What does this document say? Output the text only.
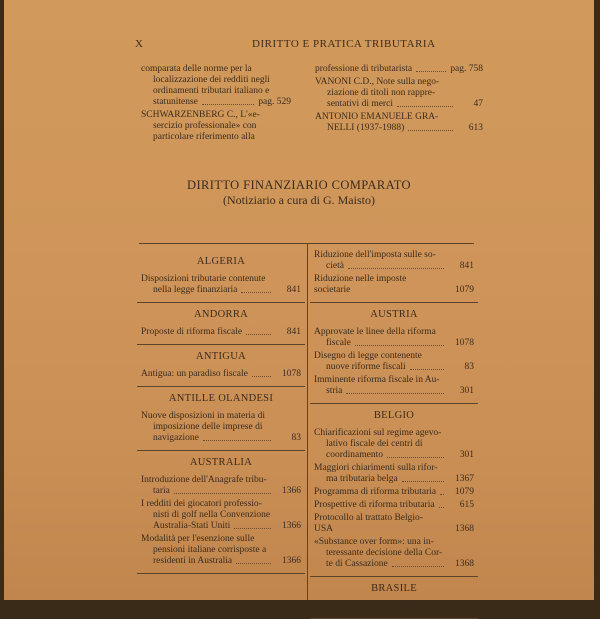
X	DIRITTO E PRATICA TRIBUTARIA
comparata delle norme per la
localizzazione dei redditi negli
ordinamenti tributari italiano e
statunitense	pag. 529
SCHWARZENBERG C., L'«e-
sercizio professionale» con
particolare riferimento alla
professione di tributarista	pag. 758
VANONI C.D., Note sulla nego-
ziazione di titoli non rappre-
sentativi di merci	47
ANTONIO EMANUELE GRA-
NELLI (1937-1988)	613
DIRITTO FINANZIARIO COMPARATO
(Notiziario a cura di G. Maisto)
ALGERIA
Disposizioni tributarie contenute
nella legge finanziaria	841
ANDORRA
Proposte di riforma fiscale	841
ANTIGUA
Antigua: un paradiso fiscale	1078
ANTILLE OLANDESI
Nuove disposizioni in materia di
imposizione delle imprese di
navigazione	83
AUSTRALIA
Introduzione dell'Anagrafe tribu-
taria	1366
I redditi dei giocatori professio-
nisti di golf nella Convenzione
Australia-Stati Uniti	1366
Modalità per l'esenzione sulle
pensioni italiane corrisposte a
residenti in Australia	1366
Riduzione dell'imposta sulle so-
cietà	841
Riduzione nelle imposte societarie	1079
AUSTRIA
Approvate le linee della riforma
fiscale	1078
Disegno di legge contenente
nuove riforme fiscali	83
Imminente riforma fiscale in Au-
stria	301
BELGIO
Chiarificazioni sul regime agevo-
lativo fiscale dei centri di
coordinamento	301
Maggiori chiarimenti sulla rifor-
ma tributaria belga	1367
Programma di riforma tributaria	1079
Prospettive di riforma tributaria	615
Protocollo al trattato Belgio-USA	1368
«Substance over form»: una in-
teressante decisione della Cor-
te di Cassazione	1368
BRASILE
Esenzione ministeriale dalla
